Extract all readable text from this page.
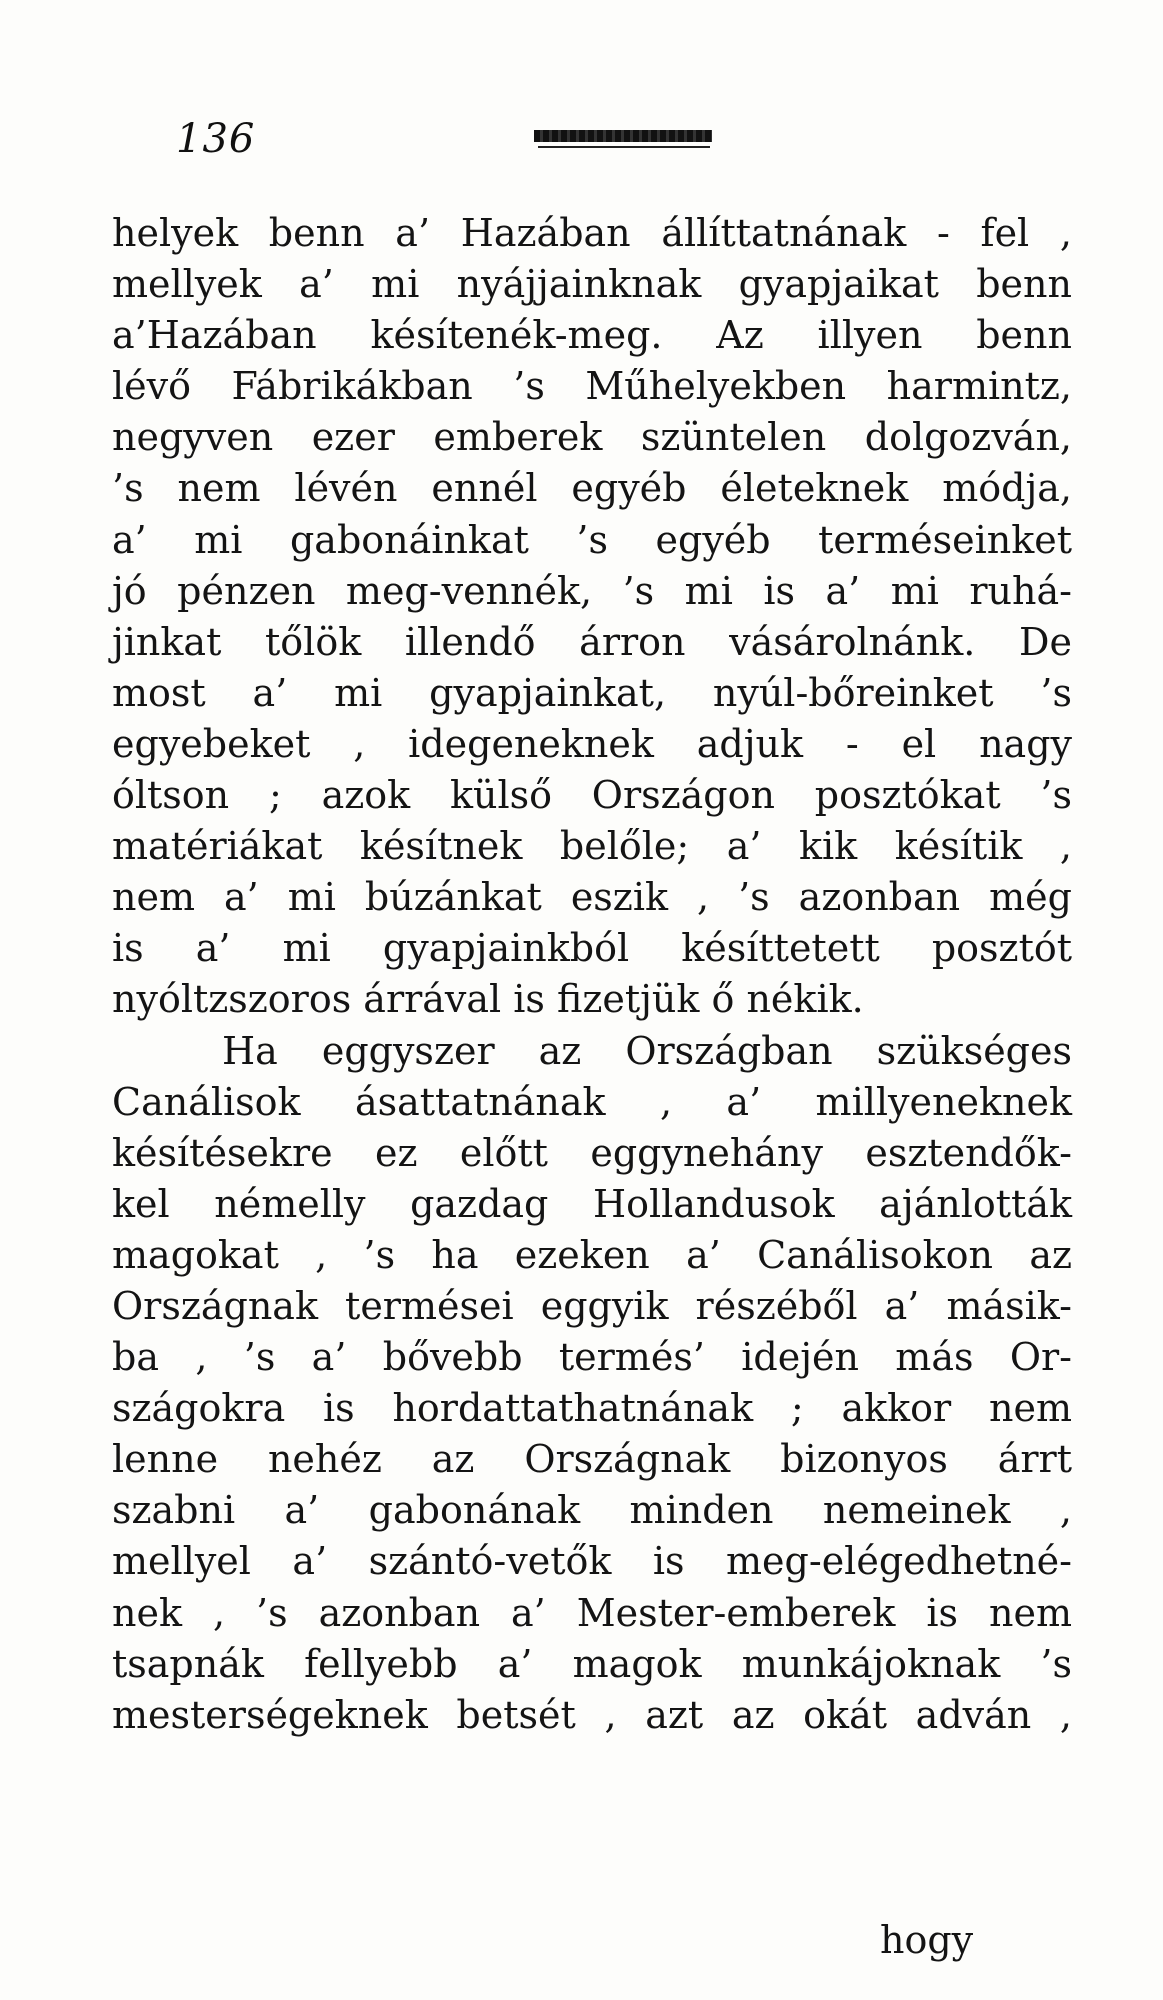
136
helyek benn a’ Hazában állíttatnának - fel ,
mellyek a’ mi nyájjainknak gyapjaikat benn
a’Hazában késítenék-meg. Az illyen benn
lévő Fábrikákban ’s Műhelyekben harmintz,
negyven ezer emberek szüntelen dolgozván,
’s nem lévén ennél egyéb életeknek módja,
a’ mi gabonáinkat ’s egyéb terméseinket
jó pénzen meg-vennék, ’s mi is a’ mi ruhá-
jinkat tőlök illendő árron vásárolnánk. De
most a’ mi gyapjainkat, nyúl-bőreinket ’s
egyebeket , idegeneknek adjuk - el nagy
óltson ; azok külső Országon posztókat ’s
matériákat késítnek belőle; a’ kik késítik ,
nem a’ mi búzánkat eszik , ’s azonban még
is a’ mi gyapjainkból késíttetett posztót
nyóltzszoros árrával is fizetjük ő nékik.
Ha eggyszer az Országban szükséges
Canálisok ásattatnának , a’ millyeneknek
késítésekre ez előtt eggynehány esztendők-
kel némelly gazdag Hollandusok ajánlották
magokat , ’s ha ezeken a’ Canálisokon az
Országnak termései eggyik részéből a’ másik-
ba , ’s a’ bővebb termés’ idején más Or-
szágokra is hordattathatnának ; akkor nem
lenne nehéz az Országnak bizonyos árrt
szabni a’ gabonának minden nemeinek ,
mellyel a’ szántó-vetők is meg-elégedhetné-
nek , ’s azonban a’ Mester-emberek is nem
tsapnák fellyebb a’ magok munkájoknak ’s
mesterségeknek betsét , azt az okát adván ,
hogy
